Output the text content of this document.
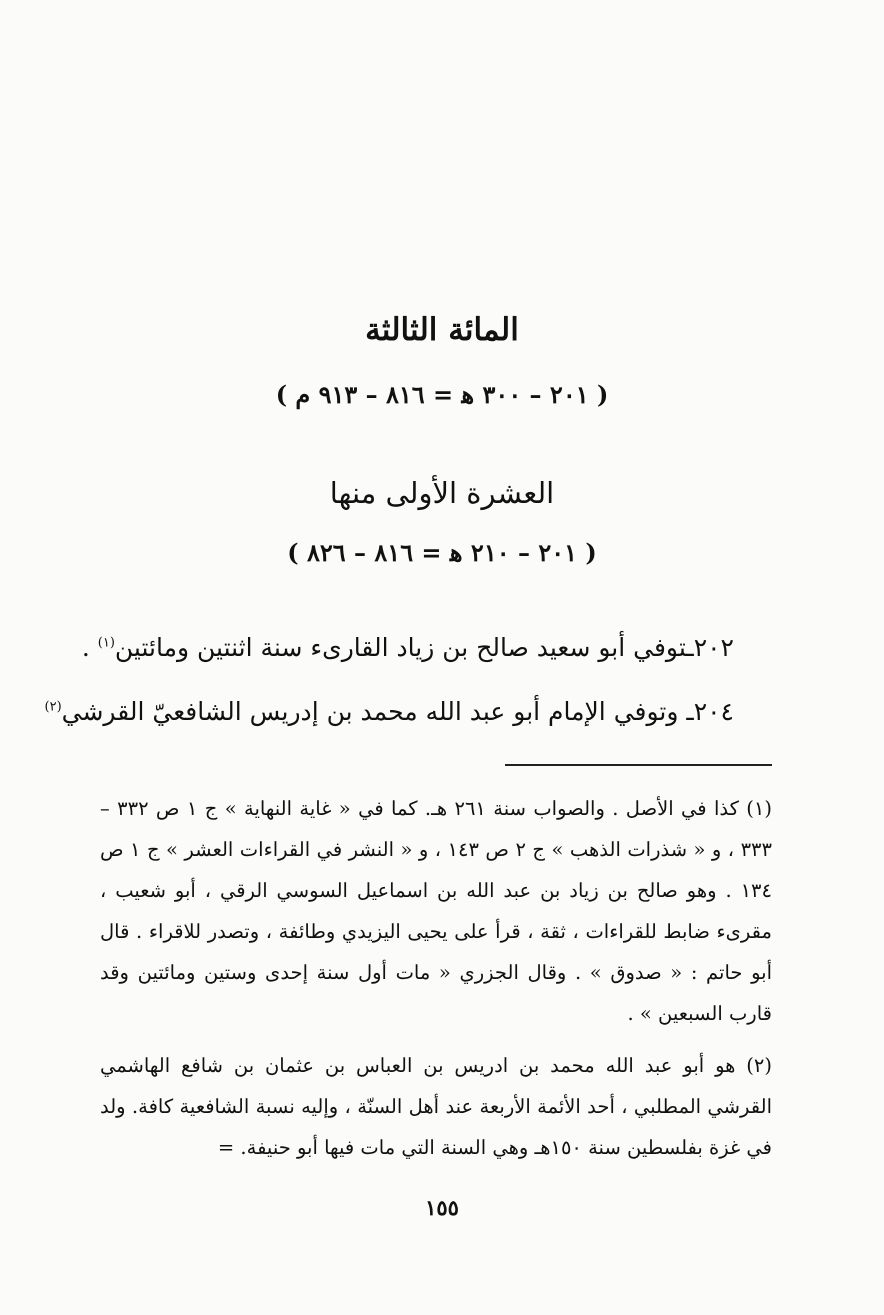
المائة الثالثة
( ٢٠١ – ٣٠٠ ﻫ = ٨١٦ – ٩١٣ م )
العشرة الأولى منها
( ٢٠١ – ٢١٠ ﻫ = ٨١٦ – ٨٢٦ )
٢٠٢ـتوفي أبو سعيد صالح بن زياد القارىء سنة اثنتين ومائتين$^{(١)}$ .
٢٠٤ـ وتوفي الإمام أبو عبد الله محمد بن إدريس الشافعيّ القرشي$^{(٢)}$
(١) كذا في الأصل . والصواب سنة ٢٦١ هـ. كما في « غاية النهاية » ج ١ ص ٣٣٢ – ٣٣٣ ، و « شذرات الذهب » ج ٢ ص ١٤٣ ، و « النشر في القراءات العشر » ج ١ ص ١٣٤ . وهو صالح بن زياد بن عبد الله بن اسماعيل السوسي الرقي ، أبو شعيب ، مقرىء ضابط للقراءات ، ثقة ، قرأ على يحيى اليزيدي وطائفة ، وتصدر للاقراء . قال أبو حاتم : « صدوق » . وقال الجزري « مات أول سنة إحدى وستين ومائتين وقد قارب السبعين » .
(٢) هو أبو عبد الله محمد بن ادريس بن العباس بن عثمان بن شافع الهاشمي القرشي المطلبي ، أحد الأئمة الأربعة عند أهل السنّة ، وإليه نسبة الشافعية كافة. ولد في غزة بفلسطين سنة ١٥٠هـ وهي السنة التي مات فيها أبو حنيفة. =
١٥٥
